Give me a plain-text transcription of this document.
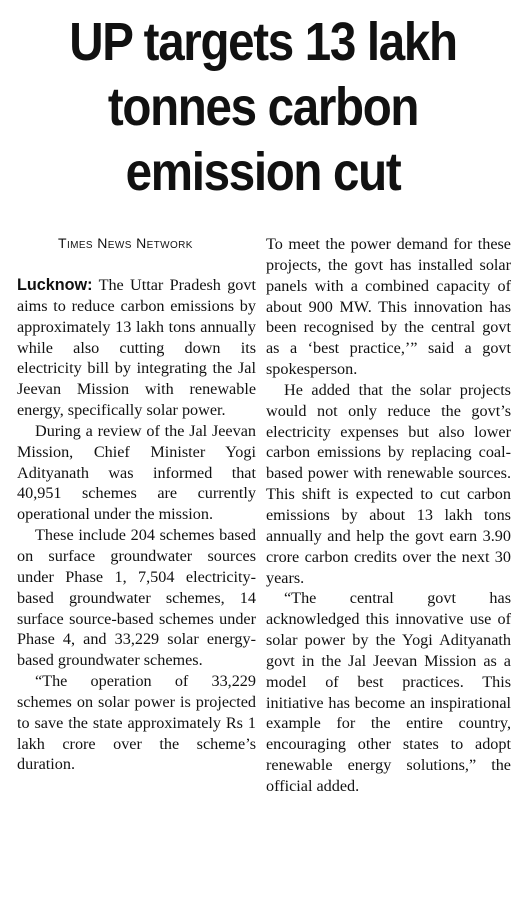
UP targets 13 lakh
tonnes carbon
emission cut
Times News Network

Lucknow: The Uttar Pradesh govt aims to reduce carbon emissions by approximately 13 lakh tons annually while also cutting down its electricity bill by integrating the Jal Jeevan Mission with renewable energy, specifically solar power.

During a review of the Jal Jeevan Mission, Chief Minister Yogi Adityanath was informed that 40,951 schemes are currently operational under the mission.

These include 204 schemes based on surface groundwater sources under Phase 1, 7,504 electricity-based groundwater schemes, 14 surface source-based schemes under Phase 4, and 33,229 solar energy-based groundwater schemes.

“The operation of 33,229 schemes on solar power is projected to save the state approximately Rs 1 lakh crore over the scheme’s duration.

To meet the power demand for these projects, the govt has installed solar panels with a combined capacity of about 900 MW. This innovation has been recognised by the central govt as a ‘best practice,’” said a govt spokesperson.

He added that the solar projects would not only reduce the govt’s electricity expenses but also lower carbon emissions by replacing coal-based power with renewable sources. This shift is expected to cut carbon emissions by about 13 lakh tons annually and help the govt earn 3.90 crore carbon credits over the next 30 years.

“The central govt has acknowledged this innovative use of solar power by the Yogi Adityanath govt in the Jal Jeevan Mission as a model of best practices. This initiative has become an inspirational example for the entire country, encouraging other states to adopt renewable energy solutions,” the official added.
